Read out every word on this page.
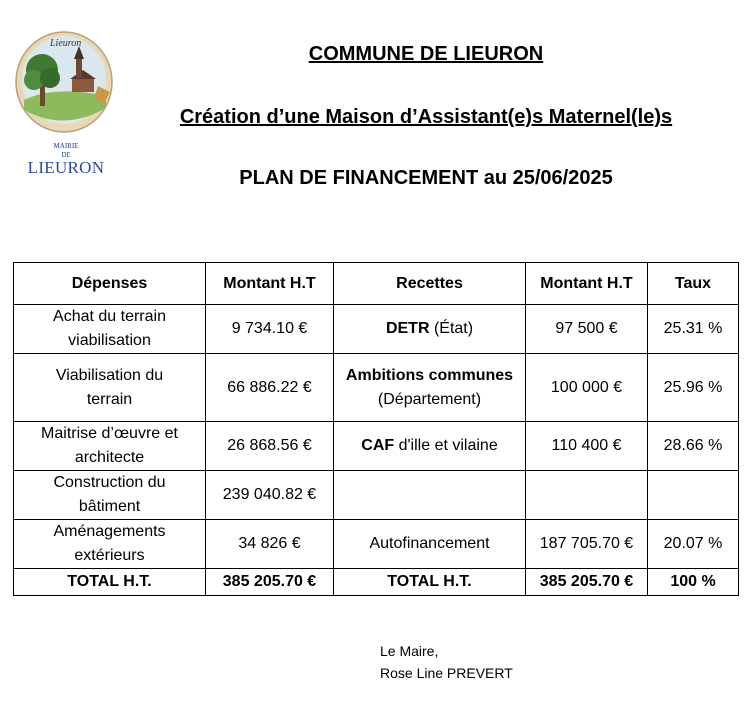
Lieuron
MAIRIE
DE
LIEURON
COMMUNE DE LIEURON
Création d’une Maison d’Assistant(e)s Maternel(le)s
PLAN DE FINANCEMENT au 25/06/2025
Dépenses	Montant H.T	Recettes	Montant H.T	Taux
Achat du terrain
viabilisation	9 734.10 €	DETR (État)	97 500 €	25.31 %
Viabilisation du
terrain	66 886.22 €	Ambitions communes
(Département)	100 000 €	25.96 %
Maitrise d’œuvre et
architecte	26 868.56 €	CAF d'ille et vilaine	110 400 €	28.66 %
Construction du
bâtiment	239 040.82 €			
Aménagements
extérieurs	34 826 €	Autofinancement	187 705.70 €	20.07 %
TOTAL H.T.	385 205.70 €	TOTAL H.T.	385 205.70 €	100 %
Le Maire,
Rose Line PREVERT
